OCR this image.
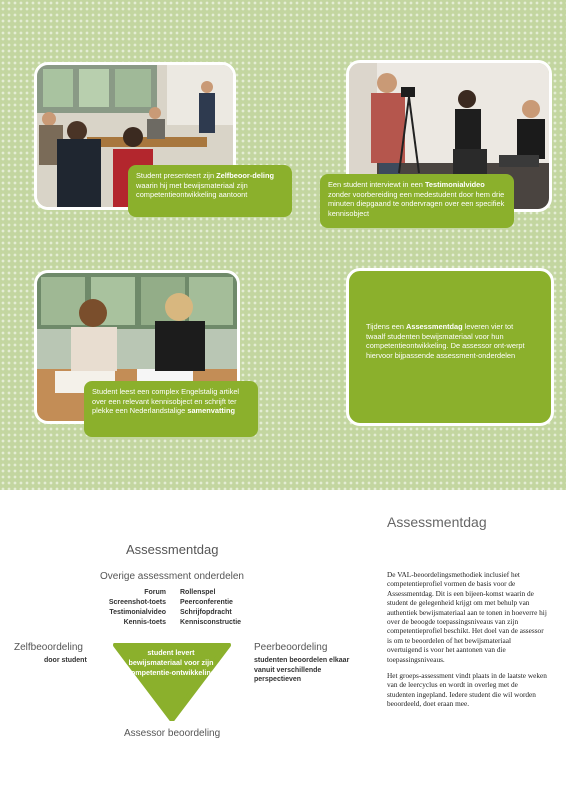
Student presenteert zijn Zelfbeoor-deling waarin hij met bewijsmateriaal zijn competentieontwikkeling aantoont
Een student interviewt in een Testimonialvideo zonder voorbereiding een medestudent door hem drie minuten diepgaand te ondervragen over een specifiek kennisobject
Student leest een complex Engelstalig artikel over een relevant kennisobject en schrijft ter plekke een Nederlandstalige samenvatting
Tijdens een Assessmentdag leveren vier tot twaalf studenten bewijsmateriaal voor hun competentieontwikkeling. De assessor ont-werpt hiervoor bijpassende assessment-onderdelen
Assessmentdag
Overige assessment onderdelen
Forum
Screenshot-toets
Testimonialvideo
Kennis-toets
Rollenspel
Peerconferentie
Schrijfopdracht
Kennisconstructie
Zelfbeoordeling
door student
Peerbeoordeling
studenten beoordelen elkaar vanuit verschillende perspectieven
student levert bewijsmateriaal voor zijn competentie-ontwikkeling
Assessor beoordeling
Assessmentdag

De VAL-beoordelingsmethodiek inclusief het competentieprofiel vormen de basis voor de Assessmentdag. Dit is een bijeen-komst waarin de student de gelegenheid krijgt om met behulp van authentiek bewijsmateriaal aan te tonen in hoeverre hij over de beoogde toepassingsniveaus van zijn competentieprofiel beschikt. Het doel van de assessor is om te beoordelen of het bewijsmateriaal overtuigend is voor het aantonen van die toepassingsniveaus.

Het groeps-assessment vindt plaats in de laatste weken van de leercyclus en wordt in overleg met de studenten ingepland. Iedere student die wil worden beoordeeld, doet eraan mee.
